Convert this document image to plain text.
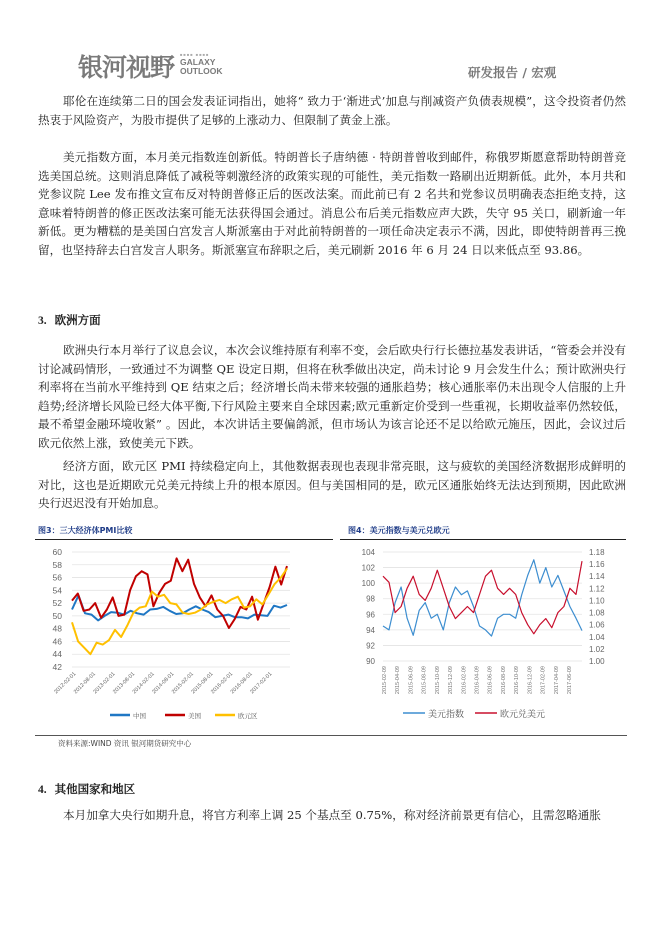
银河视野 ■■■■ ■■■■
GALAXY
OUTLOOK	研发报告 / 宏观
耶伦在连续第二日的国会发表证词指出，她将“ 致力于‘渐进式’加息与削减资产负债表规模”，这令投资者仍然热衷于风险资产，为股市提供了足够的上涨动力、但限制了黄金上涨。
美元指数方面，本月美元指数连创新低。特朗普长子唐纳德 · 特朗普曾收到邮件，称俄罗斯愿意帮助特朗普竞选美国总统。这则消息降低了减税等刺激经济的政策实现的可能性，美元指数一路刷出近期新低。此外，本月共和党参议院 Lee 发布推文宣布反对特朗普修正后的医改法案。而此前已有 2 名共和党参议员明确表态拒绝支持，这意味着特朗普的修正医改法案可能无法获得国会通过。消息公布后美元指数应声大跌，失守 95 关口，刷新逾一年新低。更为糟糕的是美国白宫发言人斯派塞由于对此前特朗普的一项任命决定表示不满，因此，即使特朗普再三挽留，也坚持辞去白宫发言人职务。斯派塞宣布辞职之后，美元刷新 2016 年 6 月 24 日以来低点至 93.86。
3. 欧洲方面
欧洲央行本月举行了议息会议，本次会议维持原有利率不变，会后欧央行行长德拉基发表讲话，“管委会并没有讨论减码情形，一致通过不为调整 QE 设定日期，但将在秋季做出决定，尚未讨论 9 月会发生什么；预计欧洲央行利率将在当前水平维持到 QE 结束之后；经济增长尚未带来较强的通胀趋势；核心通胀率仍未出现令人信服的上升趋势;经济增长风险已经大体平衡,下行风险主要来自全球因素;欧元重新定价受到一些重视，长期收益率仍然较低，最不希望金融环境收紧” 。因此，本次讲话主要偏鸽派，但市场认为该言论还不足以给欧元施压，因此，会议过后欧元依然上涨，致使美元下跌。
经济方面，欧元区 PMI 持续稳定向上，其他数据表现也表现非常亮眼，这与疲软的美国经济数据形成鲜明的对比，这也是近期欧元兑美元持续上升的根本原因。但与美国相同的是，欧元区通胀始终无法达到预期，因此欧洲央行迟迟没有开始加息。
图3：三大经济体PMI比较
60
58
56
54
52
50
48
46
44
42
2012-02-01
2012-08-01
2013-02-01
2013-08-01
2014-02-01
2014-08-01
2015-02-01
2015-08-01
2016-02-01
2016-08-01
2017-02-01
中国	美国	欧元区
图4：美元指数与美元兑欧元
104
102
100
98
96
94
92
90
1.18
1.16
1.14
1.12
1.10
1.08
1.06
1.04
1.02
1.00
2015-02-09 2015-04-09 2015-06-09 2015-08-09 2015-10-09 2015-12-09 2016-02-09 2016-04-09 2016-06-09 2016-08-09 2016-10-09 2016-12-09 2017-02-09 2017-04-09 2017-06-09
美元指数	欧元兑美元
资料来源:WIND 资讯 银河期货研究中心
4. 其他国家和地区
本月加拿大央行如期升息，将官方利率上调 25 个基点至 0.75%，称对经济前景更有信心，且需忽略通胀
